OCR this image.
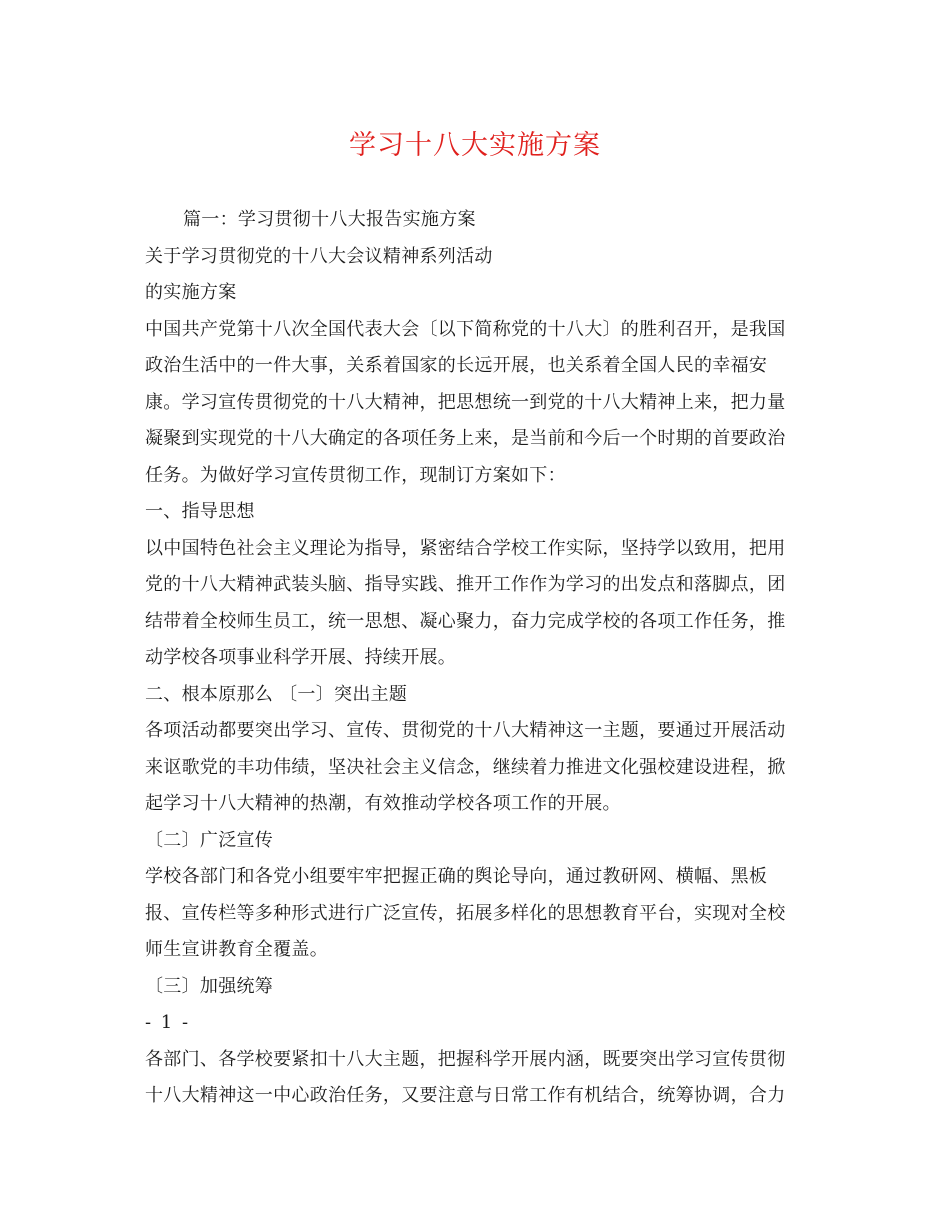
学习十八大实施方案
篇一：学习贯彻十八大报告实施方案
关于学习贯彻党的十八大会议精神系列活动
的实施方案
中国共产党第十八次全国代表大会〔以下简称党的十八大〕的胜利召开，是我国
政治生活中的一件大事，关系着国家的长远开展，也关系着全国人民的幸福安
康。学习宣传贯彻党的十八大精神，把思想统一到党的十八大精神上来，把力量
凝聚到实现党的十八大确定的各项任务上来，是当前和今后一个时期的首要政治
任务。为做好学习宣传贯彻工作，现制订方案如下：
一、指导思想
以中国特色社会主义理论为指导，紧密结合学校工作实际，坚持学以致用，把用
党的十八大精神武装头脑、指导实践、推开工作作为学习的出发点和落脚点，团
结带着全校师生员工，统一思想、凝心聚力，奋力完成学校的各项工作任务，推
动学校各项事业科学开展、持续开展。
二、根本原那么 〔一〕突出主题
各项活动都要突出学习、宣传、贯彻党的十八大精神这一主题，要通过开展活动
来讴歌党的丰功伟绩，坚决社会主义信念，继续着力推进文化强校建设进程，掀
起学习十八大精神的热潮，有效推动学校各项工作的开展。
〔二〕广泛宣传
学校各部门和各党小组要牢牢把握正确的舆论导向，通过教研网、横幅、黑板
报、宣传栏等多种形式进行广泛宣传，拓展多样化的思想教育平台，实现对全校
师生宣讲教育全覆盖。
〔三〕加强统筹
- 1 -
各部门、各学校要紧扣十八大主题，把握科学开展内涵，既要突出学习宣传贯彻
十八大精神这一中心政治任务，又要注意与日常工作有机结合，统筹协调，合力
